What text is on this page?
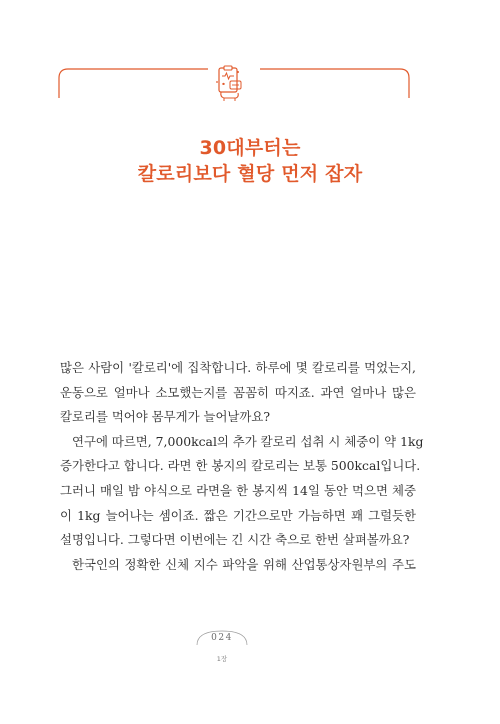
30대부터는
칼로리보다 혈당 먼저 잡자

많은 사람이 '칼로리'에 집착합니다. 하루에 몇 칼로리를 먹었는지,
운동으로 얼마나 소모했는지를 꼼꼼히 따지죠. 과연 얼마나 많은
칼로리를 먹어야 몸무게가 늘어날까요?

연구에 따르면, 7,000kcal의 추가 칼로리 섭취 시 체중이 약 1kg
증가한다고 합니다. 라면 한 봉지의 칼로리는 보통 500kcal입니다.
그러니 매일 밤 야식으로 라면을 한 봉지씩 14일 동안 먹으면 체중
이 1kg 늘어나는 셈이죠. 짧은 기간으로만 가늠하면 꽤 그럴듯한
설명입니다. 그렇다면 이번에는 긴 시간 축으로 한번 살펴볼까요?

한국인의 정확한 신체 지수 파악을 위해 산업통상자원부의 주도

024
1장
